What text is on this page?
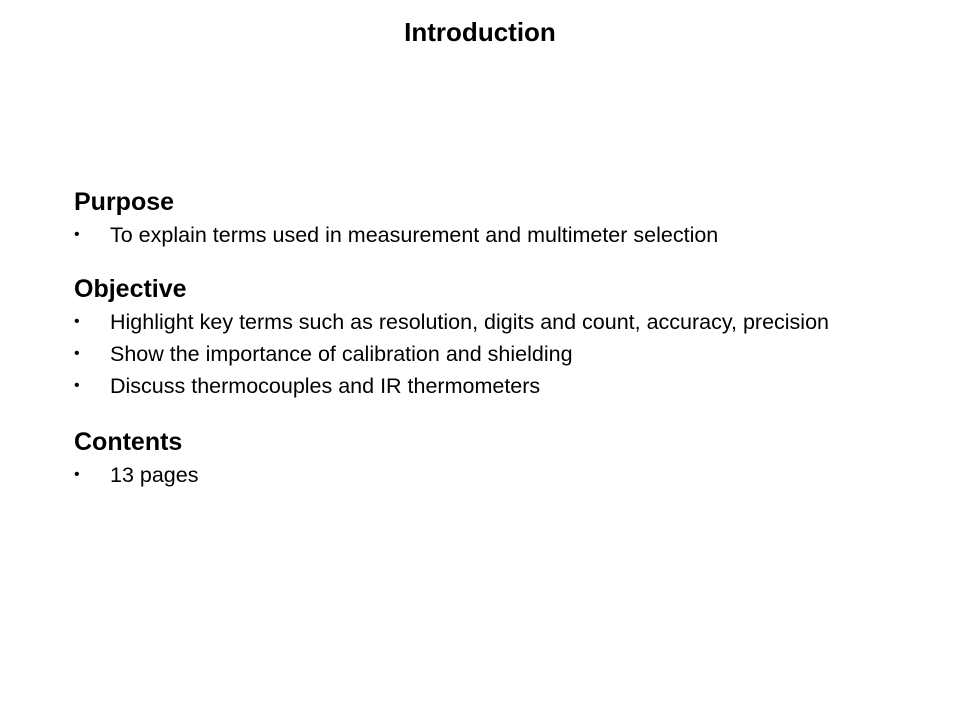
Introduction
Purpose
• To explain terms used in measurement and multimeter selection
Objective
• Highlight key terms such as resolution, digits and count, accuracy, precision
• Show the importance of calibration and shielding
• Discuss thermocouples and IR thermometers
Contents
• 13 pages
